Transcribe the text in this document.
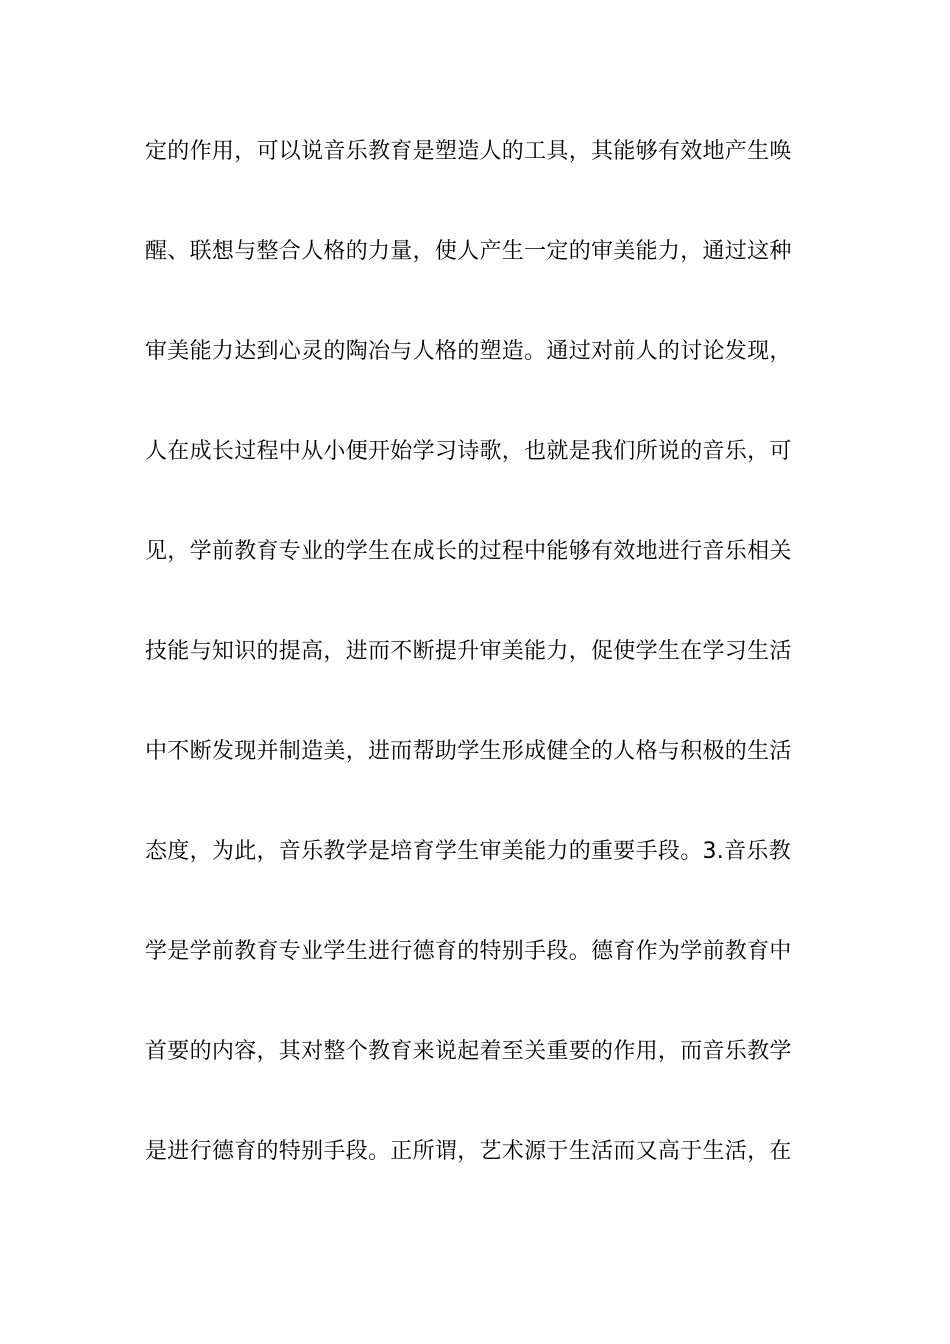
定的作用，可以说音乐教育是塑造人的工具，其能够有效地产生唤
醒、联想与整合人格的力量，使人产生一定的审美能力，通过这种
审美能力达到心灵的陶冶与人格的塑造。通过对前人的讨论发现，
人在成长过程中从小便开始学习诗歌，也就是我们所说的音乐，可
见，学前教育专业的学生在成长的过程中能够有效地进行音乐相关
技能与知识的提高，进而不断提升审美能力，促使学生在学习生活
中不断发现并制造美，进而帮助学生形成健全的人格与积极的生活
态度，为此，音乐教学是培育学生审美能力的重要手段。3.音乐教
学是学前教育专业学生进行德育的特别手段。德育作为学前教育中
首要的内容，其对整个教育来说起着至关重要的作用，而音乐教学
是进行德育的特别手段。正所谓，艺术源于生活而又高于生活，在
